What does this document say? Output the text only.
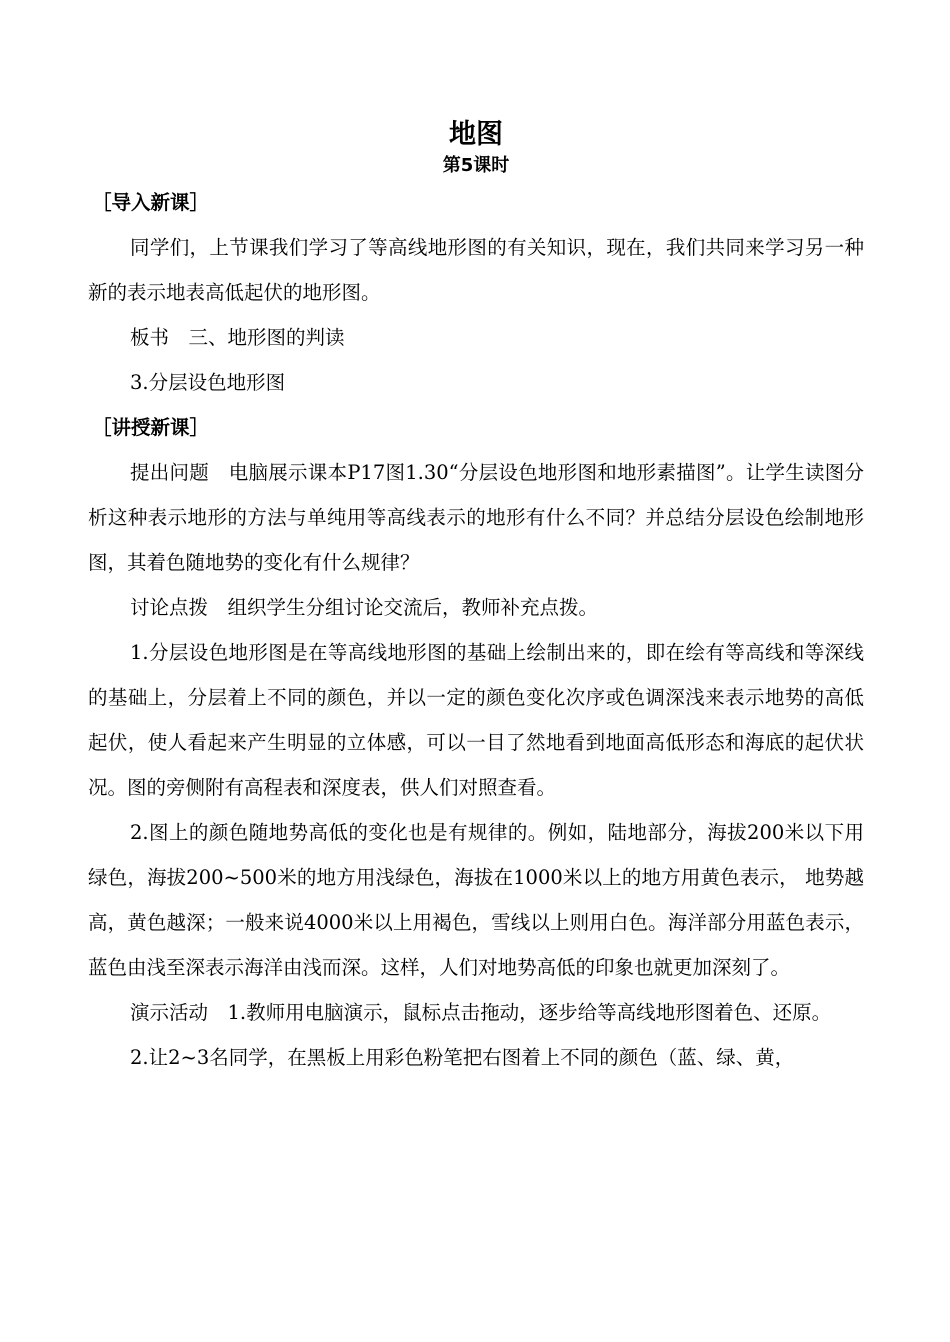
地图
第5课时
［导入新课］

同学们，上节课我们学习了等高线地形图的有关知识，现在，我们共同来学习另一种新的表示地表高低起伏的地形图。

板书　三、地形图的判读

3.分层设色地形图

［讲授新课］

提出问题　电脑展示课本P17图1.30“分层设色地形图和地形素描图”。让学生读图分析这种表示地形的方法与单纯用等高线表示的地形有什么不同？并总结分层设色绘制地形图，其着色随地势的变化有什么规律？

讨论点拨　组织学生分组讨论交流后，教师补充点拨。

1.分层设色地形图是在等高线地形图的基础上绘制出来的，即在绘有等高线和等深线的基础上，分层着上不同的颜色，并以一定的颜色变化次序或色调深浅来表示地势的高低起伏，使人看起来产生明显的立体感，可以一目了然地看到地面高低形态和海底的起伏状况。图的旁侧附有高程表和深度表，供人们对照查看。

2.图上的颜色随地势高低的变化也是有规律的。例如，陆地部分，海拔200米以下用绿色，海拔200~500米的地方用浅绿色，海拔在1000米以上的地方用黄色表示， 地势越高，黄色越深；一般来说4000米以上用褐色，雪线以上则用白色。海洋部分用蓝色表示，蓝色由浅至深表示海洋由浅而深。这样，人们对地势高低的印象也就更加深刻了。

演示活动　1.教师用电脑演示，鼠标点击拖动，逐步给等高线地形图着色、还原。

2.让2~3名同学，在黑板上用彩色粉笔把右图着上不同的颜色（蓝、绿、黄，
